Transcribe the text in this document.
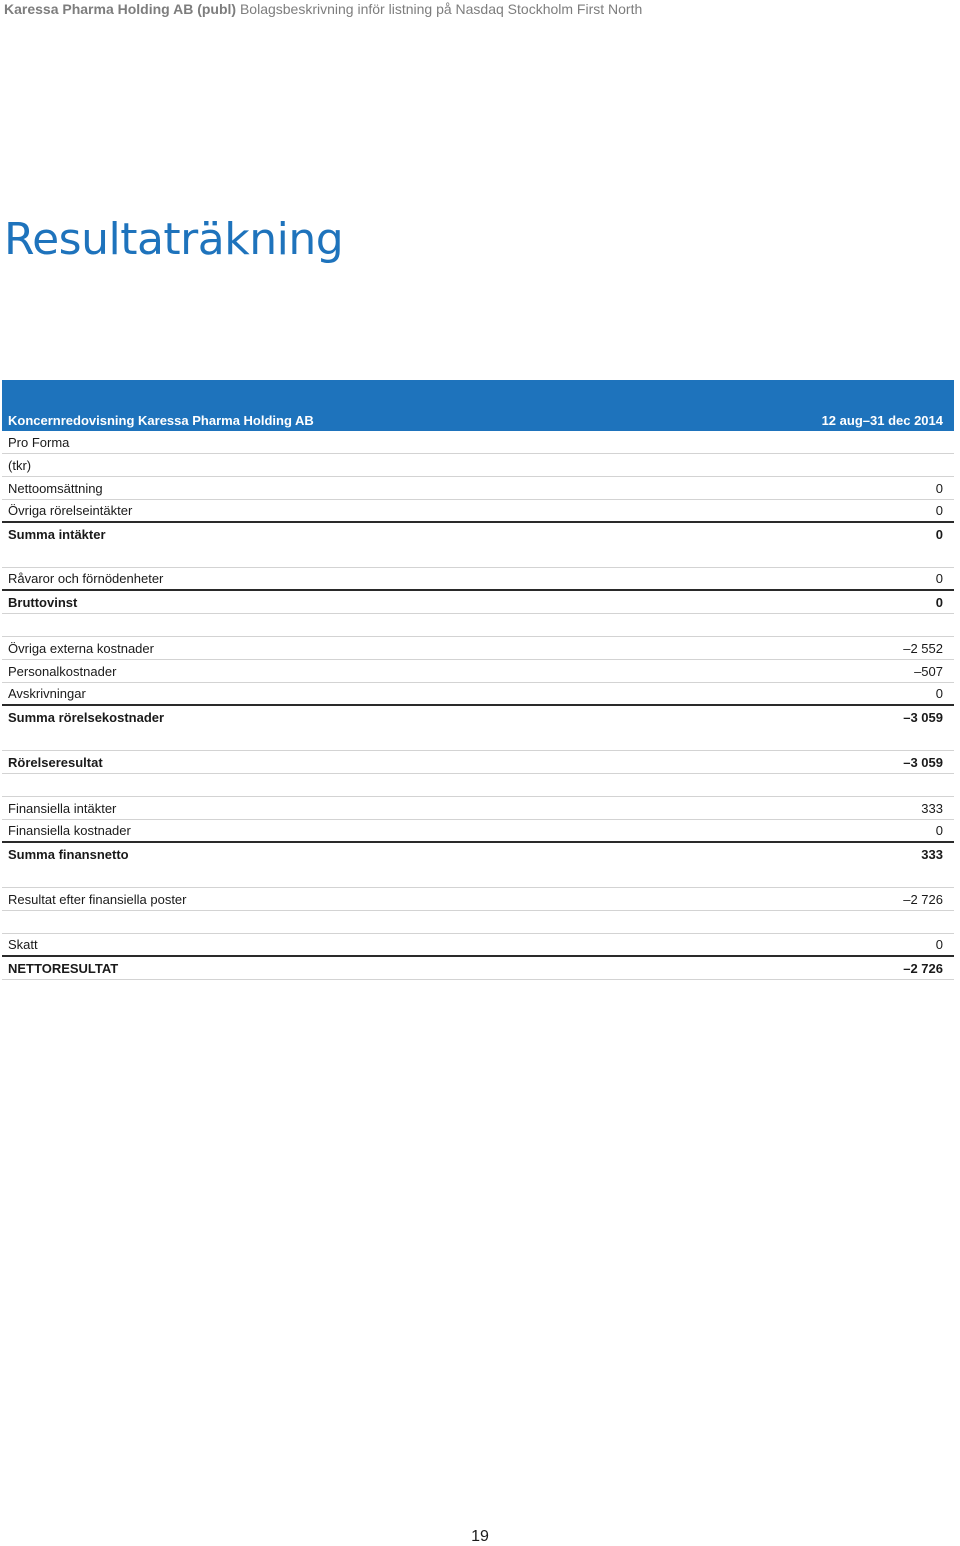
Karessa Pharma Holding AB (publ) Bolagsbeskrivning inför listning på Nasdaq Stockholm First North
Resultaträkning
Koncernredovisning Karessa Pharma Holding AB	12 aug–31 dec 2014
Pro Forma
(tkr)
Nettoomsättning	0
Övriga rörelseintäkter	0
Summa intäkter	0
Råvaror och förnödenheter	0
Bruttovinst	0
Övriga externa kostnader	–2 552
Personalkostnader	–507
Avskrivningar	0
Summa rörelsekostnader	–3 059
Rörelseresultat	–3 059
Finansiella intäkter	333
Finansiella kostnader	0
Summa finansnetto	333
Resultat efter finansiella poster	–2 726
Skatt	0
NETTORESULTAT	–2 726
19
